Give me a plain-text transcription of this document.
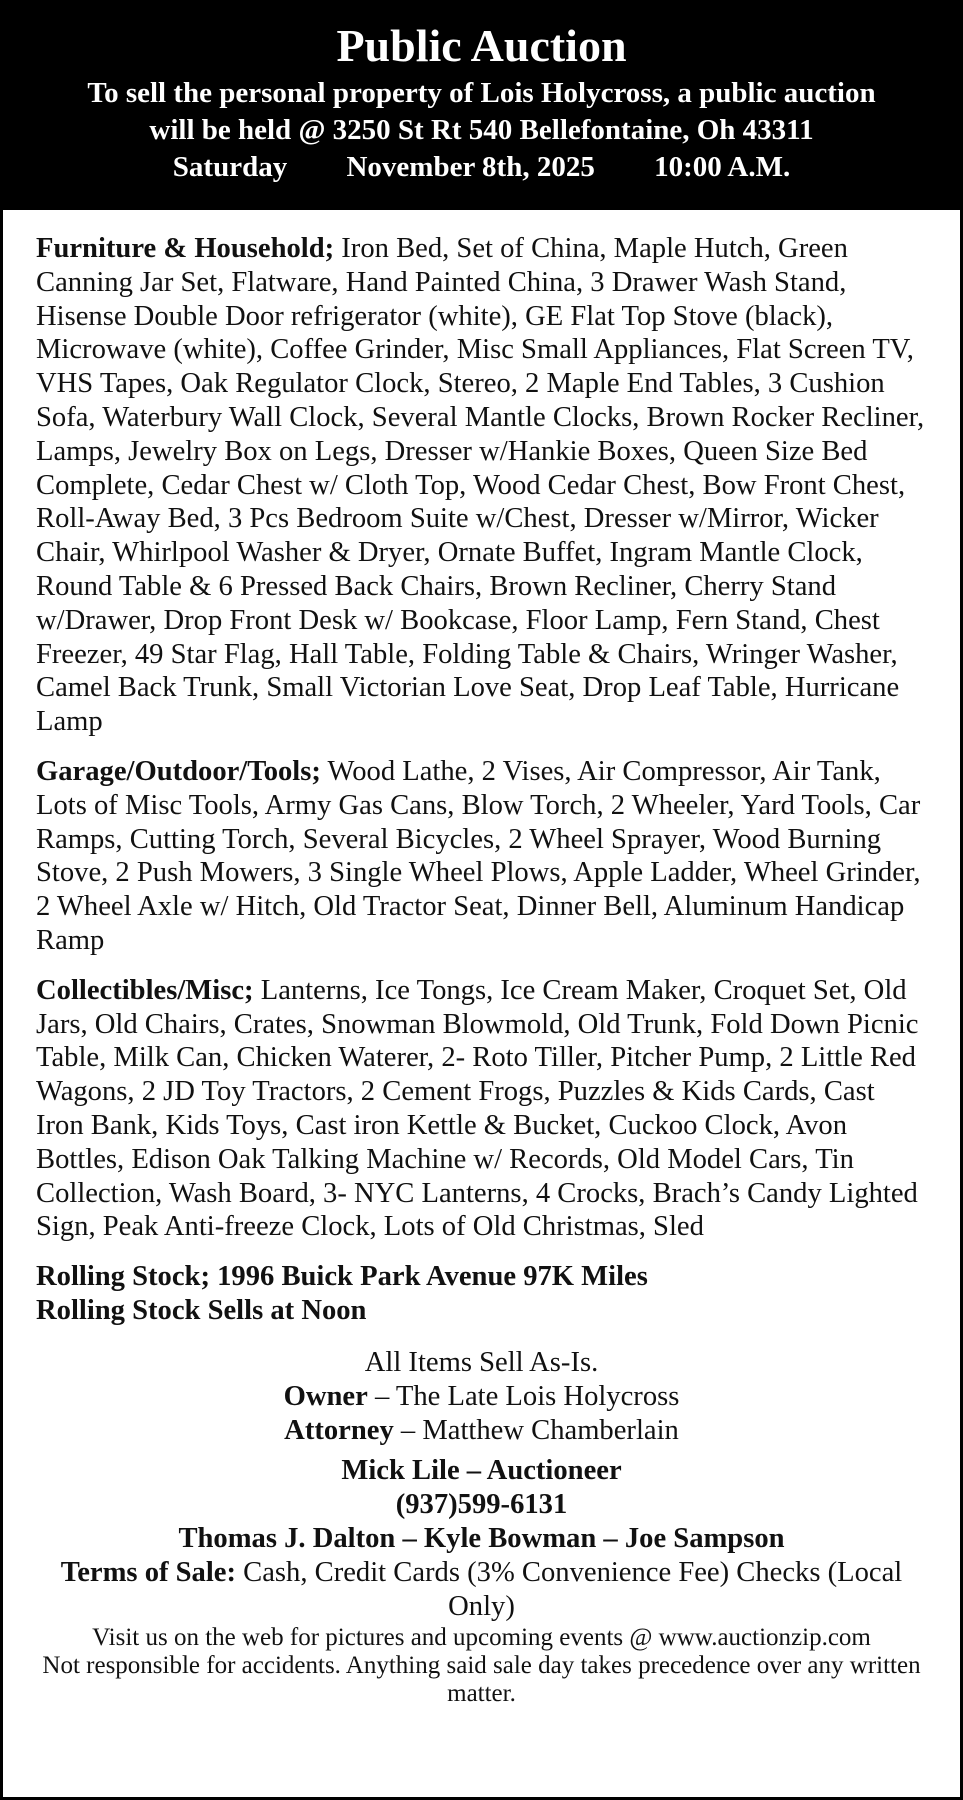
Public Auction
To sell the personal property of Lois Holycross, a public auction
will be held @ 3250 St Rt 540 Bellefontaine, Oh 43311
Saturday November 8th, 2025 10:00 A.M.

Furniture & Household; Iron Bed, Set of China, Maple Hutch, Green Canning Jar Set, Flatware, Hand Painted China, 3 Drawer Wash Stand, Hisense Double Door refrigerator (white), GE Flat Top Stove (black), Microwave (white), Coffee Grinder, Misc Small Appliances, Flat Screen TV, VHS Tapes, Oak Regulator Clock, Stereo, 2 Maple End Tables, 3 Cushion Sofa, Waterbury Wall Clock, Several Mantle Clocks, Brown Rocker Recliner, Lamps, Jewelry Box on Legs, Dresser w/Hankie Boxes, Queen Size Bed Complete, Cedar Chest w/ Cloth Top, Wood Cedar Chest, Bow Front Chest, Roll-Away Bed, 3 Pcs Bedroom Suite w/Chest, Dresser w/Mirror, Wicker Chair, Whirlpool Washer & Dryer, Ornate Buffet, Ingram Mantle Clock, Round Table & 6 Pressed Back Chairs, Brown Recliner, Cherry Stand w/Drawer, Drop Front Desk w/ Bookcase, Floor Lamp, Fern Stand, Chest Freezer, 49 Star Flag, Hall Table, Folding Table & Chairs, Wringer Washer, Camel Back Trunk, Small Victorian Love Seat, Drop Leaf Table, Hurricane Lamp

Garage/Outdoor/Tools; Wood Lathe, 2 Vises, Air Compressor, Air Tank, Lots of Misc Tools, Army Gas Cans, Blow Torch, 2 Wheeler, Yard Tools, Car Ramps, Cutting Torch, Several Bicycles, 2 Wheel Sprayer, Wood Burning Stove, 2 Push Mowers, 3 Single Wheel Plows, Apple Ladder, Wheel Grinder, 2 Wheel Axle w/ Hitch, Old Tractor Seat, Dinner Bell, Aluminum Handicap Ramp

Collectibles/Misc; Lanterns, Ice Tongs, Ice Cream Maker, Croquet Set, Old Jars, Old Chairs, Crates, Snowman Blowmold, Old Trunk, Fold Down Picnic Table, Milk Can, Chicken Waterer, 2- Roto Tiller, Pitcher Pump, 2 Little Red Wagons, 2 JD Toy Tractors, 2 Cement Frogs, Puzzles & Kids Cards, Cast Iron Bank, Kids Toys, Cast iron Kettle & Bucket, Cuckoo Clock, Avon Bottles, Edison Oak Talking Machine w/ Records, Old Model Cars, Tin Collection, Wash Board, 3- NYC Lanterns, 4 Crocks, Brach’s Candy Lighted Sign, Peak Anti-freeze Clock, Lots of Old Christmas, Sled

Rolling Stock; 1996 Buick Park Avenue 97K Miles
Rolling Stock Sells at Noon
All Items Sell As-Is.
Owner – The Late Lois Holycross
Attorney – Matthew Chamberlain
Mick Lile – Auctioneer
(937)599-6131
Thomas J. Dalton – Kyle Bowman – Joe Sampson
Terms of Sale: Cash, Credit Cards (3% Convenience Fee) Checks (Local Only)
Visit us on the web for pictures and upcoming events @ www.auctionzip.com
Not responsible for accidents. Anything said sale day takes precedence over any written matter.
